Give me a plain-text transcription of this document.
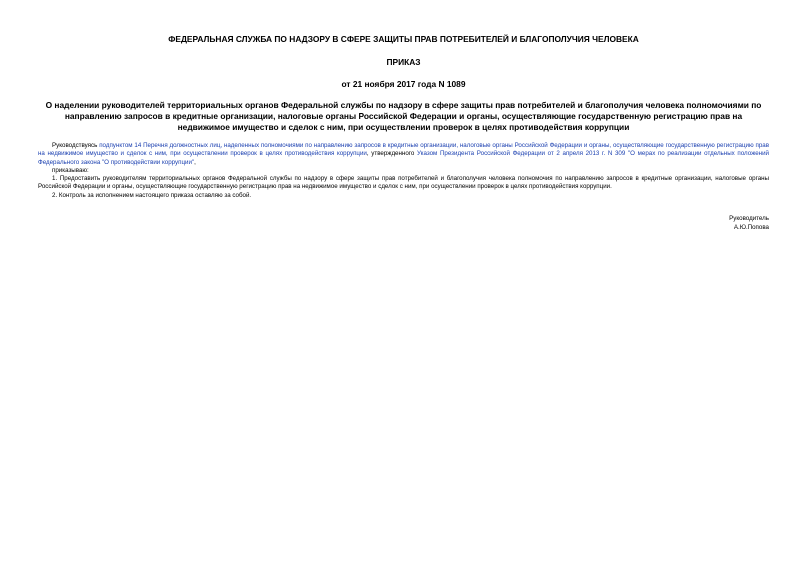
ФЕДЕРАЛЬНАЯ СЛУЖБА ПО НАДЗОРУ В СФЕРЕ ЗАЩИТЫ ПРАВ ПОТРЕБИТЕЛЕЙ И БЛАГОПОЛУЧИЯ ЧЕЛОВЕКА
ПРИКАЗ
от 21 ноября 2017 года N 1089
О наделении руководителей территориальных органов Федеральной службы по надзору в сфере защиты прав потребителей и благополучия человека полномочиями по направлению запросов в кредитные организации, налоговые органы Российской Федерации и органы, осуществляющие государственную регистрацию прав на недвижимое имущество и сделок с ним, при осуществлении проверок в целях противодействия коррупции
Руководствуясь подпунктом 14 Перечня должностных лиц, наделенных полномочиями по направлению запросов в кредитные организации, налоговые органы Российской Федерации и органы, осуществляющие государственную регистрацию прав на недвижимое имущество и сделок с ним, при осуществлении проверок в целях противодействия коррупции, утвержденного Указом Президента Российской Федерации от 2 апреля 2013 г. N 309 "О мерах по реализации отдельных положений Федерального закона "О противодействии коррупции",
приказываю:
1. Предоставить руководителям территориальных органов Федеральной службы по надзору в сфере защиты прав потребителей и благополучия человека полномочия по направлению запросов в кредитные организации, налоговые органы Российской Федерации и органы, осуществляющие государственную регистрацию прав на недвижимое имущество и сделок с ним, при осуществлении проверок в целях противодействия коррупции.
2. Контроль за исполнением настоящего приказа оставляю за собой.
Руководитель
А.Ю.Попова
